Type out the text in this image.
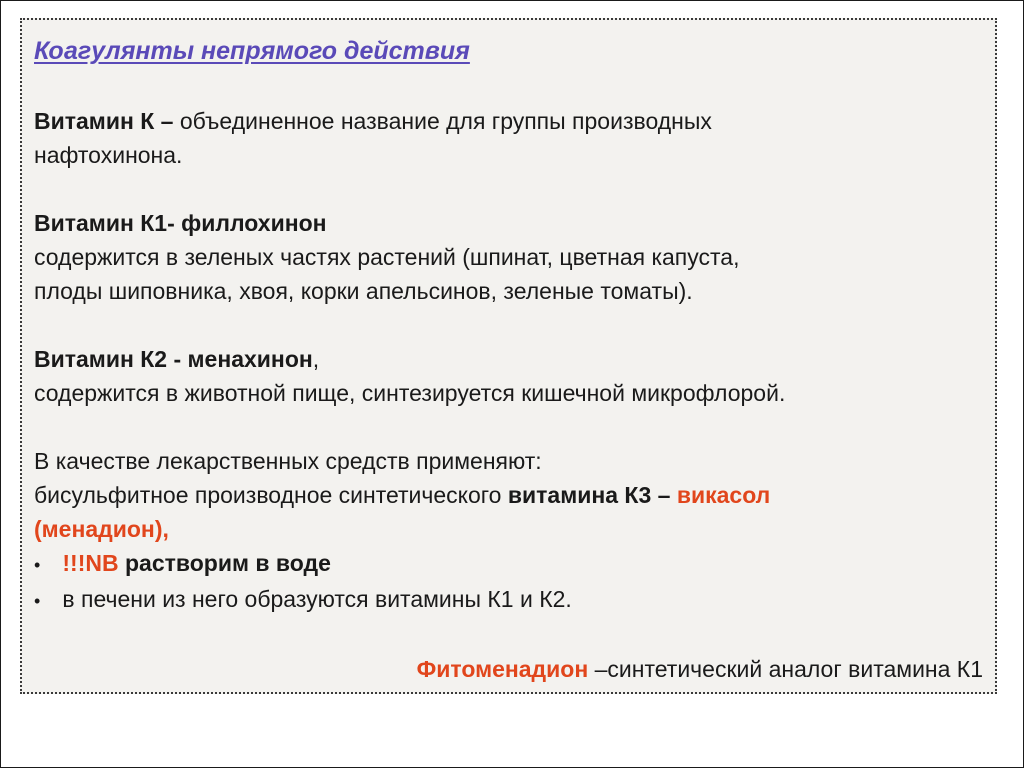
Коагулянты непрямого действия

Витамин К – объединенное название для группы производных
нафтохинона.

Витамин К1- филлохинон
содержится в зеленых частях растений (шпинат, цветная капуста,
плоды шиповника, хвоя, корки апельсинов, зеленые томаты).

Витамин К2 - менахинон,
содержится в животной пище, синтезируется кишечной микрофлорой.

В качестве лекарственных средств применяют:
бисульфитное производное синтетического витамина К3 – викасол
(менадион),

• !!!NB растворим в воде
• в печени из него образуются витамины К1 и К2.
Фитоменадион –синтетический аналог витамина К1
